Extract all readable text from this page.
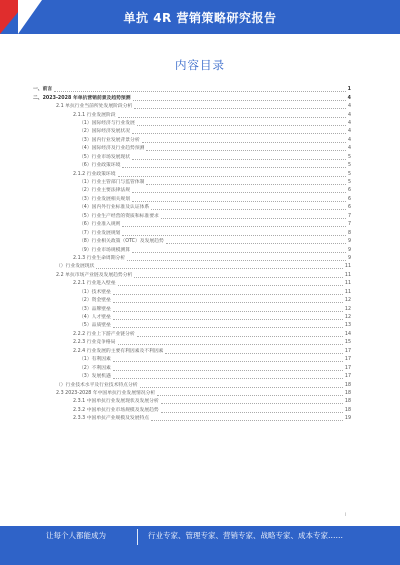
单抗 4R 营销策略研究报告
内容目录
一、前言	1
二、2023-2028 年单抗营销前景及趋势预测	4
2.1 单抗行业当前所处发展阶段分析	4
2.1.1 行业发展阶段	4
（1）国际经济与行业发展	4
（2）国际经济发展状况	4
（3）国内行业发展背景分析	4
（4）国际经济及行业趋势预测	4
（5）行业市场发展现状	5
（6）行业政策环境	5
2.1.2 行业政策环境	5
（1）行业主管部门与监管体制	5
（2）行业主要法律法规	6
（3）行业发展相关规划	6
（4）国内外行业标准及认证体系	6
（5）行业生产经营的资质和标准要求	7
（6）行业准入规则	7
（7）行业发展规划	8
（8）行业相关政策（OTC）及发展趋势	9
（9）行业市场规模测算	9
2.1.3 行业生命周期分析	9
（）行业发展现状	11
2.2 单抗市场产业链及发展趋势分析	11
2.2.1 行业进入壁垒	11
（1）技术壁垒	11
（2）资金壁垒	12
（3）品牌壁垒	12
（4）人才壁垒	12
（5）品质壁垒	13
2.2.2 行业上下游产业链分析	14
2.2.3 行业竞争格局	15
2.2.4 行业发展的主要有利因素及不利因素	17
（1）有利因素	17
（2）不利因素	17
（3）发展机遇	17
（）行业技术水平及行业技术特点分析	18
2.3 2023-2028 年中国单抗行业发展情况分析	18
2.3.1 中国单抗行业发展现状及发展分析	18
2.3.2 中国单抗行业市场规模及发展趋势	18
2.3.3 中国单抗产业规模及发展特点	19
i
让每个人都能成为	行业专家、管理专家、营销专家、战略专家、成本专家……
